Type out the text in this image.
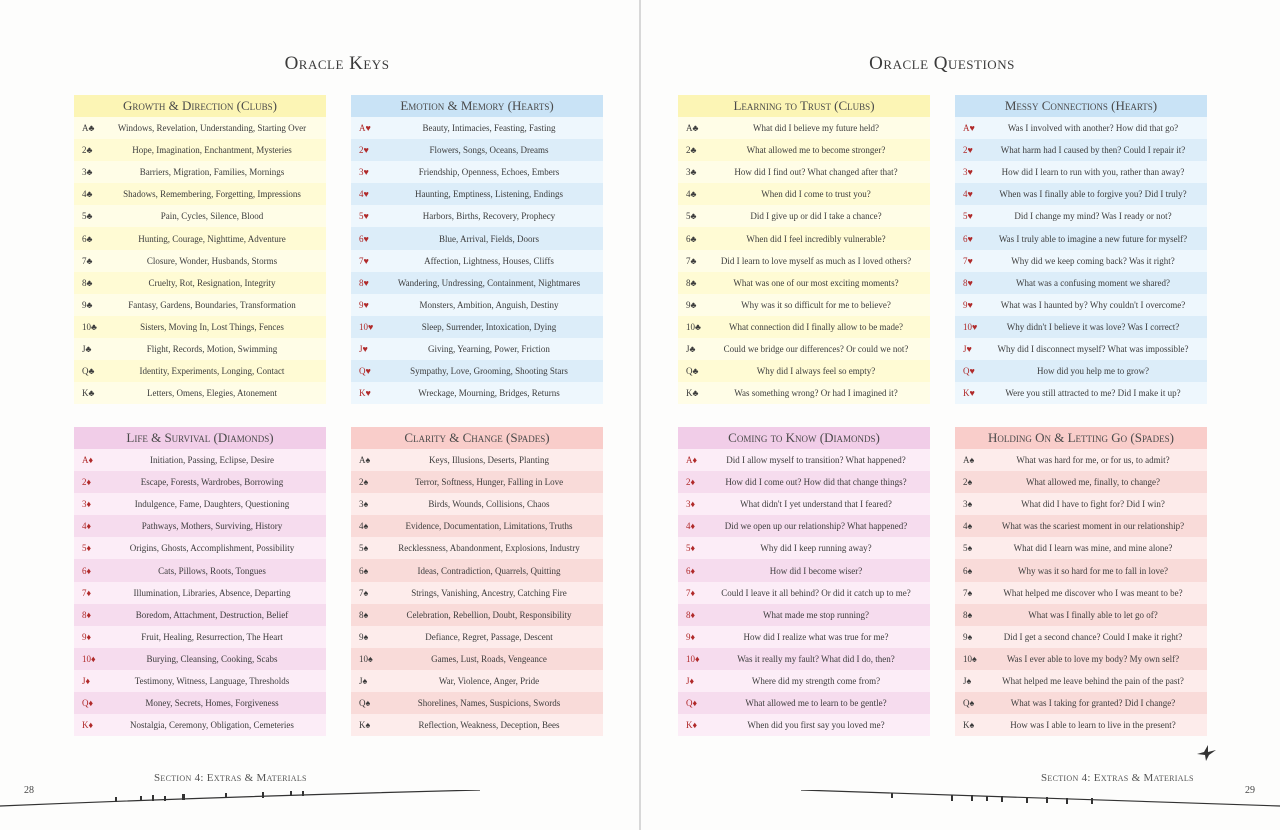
Oracle Keys
Growth & Direction (Clubs)
A♣	Windows, Revelation, Understanding, Starting Over
2♣	Hope, Imagination, Enchantment, Mysteries
3♣	Barriers, Migration, Families, Mornings
4♣	Shadows, Remembering, Forgetting, Impressions
5♣	Pain, Cycles, Silence, Blood
6♣	Hunting, Courage, Nighttime, Adventure
7♣	Closure, Wonder, Husbands, Storms
8♣	Cruelty, Rot, Resignation, Integrity
9♣	Fantasy, Gardens, Boundaries, Transformation
10♣	Sisters, Moving In, Lost Things, Fences
J♣	Flight, Records, Motion, Swimming
Q♣	Identity, Experiments, Longing, Contact
K♣	Letters, Omens, Elegies, Atonement
Emotion & Memory (Hearts)
A♥	Beauty, Intimacies, Feasting, Fasting
2♥	Flowers, Songs, Oceans, Dreams
3♥	Friendship, Openness, Echoes, Embers
4♥	Haunting, Emptiness, Listening, Endings
5♥	Harbors, Births, Recovery, Prophecy
6♥	Blue, Arrival, Fields, Doors
7♥	Affection, Lightness, Houses, Cliffs
8♥	Wandering, Undressing, Containment, Nightmares
9♥	Monsters, Ambition, Anguish, Destiny
10♥	Sleep, Surrender, Intoxication, Dying
J♥	Giving, Yearning, Power, Friction
Q♥	Sympathy, Love, Grooming, Shooting Stars
K♥	Wreckage, Mourning, Bridges, Returns
Life & Survival (Diamonds)
A♦	Initiation, Passing, Eclipse, Desire
2♦	Escape, Forests, Wardrobes, Borrowing
3♦	Indulgence, Fame, Daughters, Questioning
4♦	Pathways, Mothers, Surviving, History
5♦	Origins, Ghosts, Accomplishment, Possibility
6♦	Cats, Pillows, Roots, Tongues
7♦	Illumination, Libraries, Absence, Departing
8♦	Boredom, Attachment, Destruction, Belief
9♦	Fruit, Healing, Resurrection, The Heart
10♦	Burying, Cleansing, Cooking, Scabs
J♦	Testimony, Witness, Language, Thresholds
Q♦	Money, Secrets, Homes, Forgiveness
K♦	Nostalgia, Ceremony, Obligation, Cemeteries
Clarity & Change (Spades)
A♠	Keys, Illusions, Deserts, Planting
2♠	Terror, Softness, Hunger, Falling in Love
3♠	Birds, Wounds, Collisions, Chaos
4♠	Evidence, Documentation, Limitations, Truths
5♠	Recklessness, Abandonment, Explosions, Industry
6♠	Ideas, Contradiction, Quarrels, Quitting
7♠	Strings, Vanishing, Ancestry, Catching Fire
8♠	Celebration, Rebellion, Doubt, Responsibility
9♠	Defiance, Regret, Passage, Descent
10♠	Games, Lust, Roads, Vengeance
J♠	War, Violence, Anger, Pride
Q♠	Shorelines, Names, Suspicions, Swords
K♠	Reflection, Weakness, Deception, Bees
Section 4: Extras & Materials
28
Oracle Questions
Learning to Trust (Clubs)
A♣	What did I believe my future held?
2♣	What allowed me to become stronger?
3♣	How did I find out? What changed after that?
4♣	When did I come to trust you?
5♣	Did I give up or did I take a chance?
6♣	When did I feel incredibly vulnerable?
7♣	Did I learn to love myself as much as I loved others?
8♣	What was one of our most exciting moments?
9♣	Why was it so difficult for me to believe?
10♣	What connection did I finally allow to be made?
J♣	Could we bridge our differences? Or could we not?
Q♣	Why did I always feel so empty?
K♣	Was something wrong? Or had I imagined it?
Messy Connections (Hearts)
A♥	Was I involved with another? How did that go?
2♥	What harm had I caused by then? Could I repair it?
3♥	How did I learn to run with you, rather than away?
4♥	When was I finally able to forgive you? Did I truly?
5♥	Did I change my mind? Was I ready or not?
6♥	Was I truly able to imagine a new future for myself?
7♥	Why did we keep coming back? Was it right?
8♥	What was a confusing moment we shared?
9♥	What was I haunted by? Why couldn't I overcome?
10♥	Why didn't I believe it was love? Was I correct?
J♥	Why did I disconnect myself? What was impossible?
Q♥	How did you help me to grow?
K♥	Were you still attracted to me? Did I make it up?
Coming to Know (Diamonds)
A♦	Did I allow myself to transition? What happened?
2♦	How did I come out? How did that change things?
3♦	What didn't I yet understand that I feared?
4♦	Did we open up our relationship? What happened?
5♦	Why did I keep running away?
6♦	How did I become wiser?
7♦	Could I leave it all behind? Or did it catch up to me?
8♦	What made me stop running?
9♦	How did I realize what was true for me?
10♦	Was it really my fault? What did I do, then?
J♦	Where did my strength come from?
Q♦	What allowed me to learn to be gentle?
K♦	When did you first say you loved me?
Holding On & Letting Go (Spades)
A♠	What was hard for me, or for us, to admit?
2♠	What allowed me, finally, to change?
3♠	What did I have to fight for? Did I win?
4♠	What was the scariest moment in our relationship?
5♠	What did I learn was mine, and mine alone?
6♠	Why was it so hard for me to fall in love?
7♠	What helped me discover who I was meant to be?
8♠	What was I finally able to let go of?
9♠	Did I get a second chance? Could I make it right?
10♠	Was I ever able to love my body? My own self?
J♠	What helped me leave behind the pain of the past?
Q♠	What was I taking for granted? Did I change?
K♠	How was I able to learn to live in the present?
Section 4: Extras & Materials
29
